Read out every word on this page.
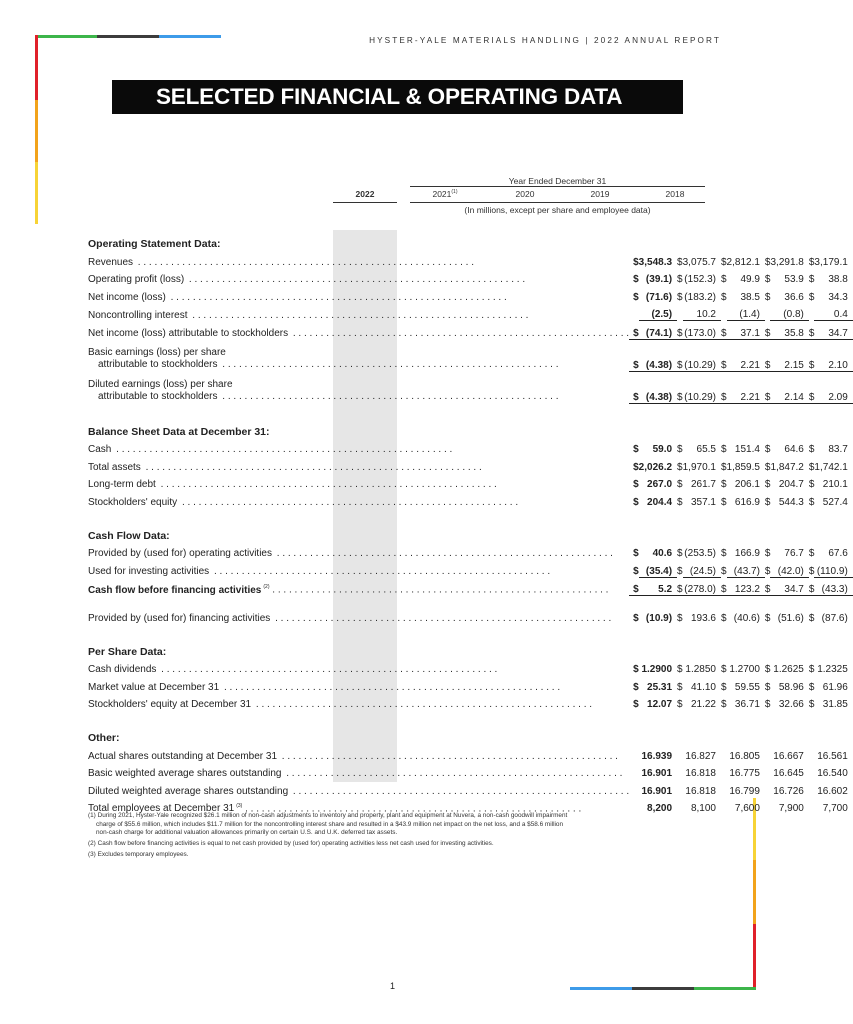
HYSTER-YALE MATERIALS HANDLING | 2022 ANNUAL REPORT
SELECTED FINANCIAL & OPERATING DATA
Year Ended December 31
2022	2021$^{(1)}$	2020	2019	2018
(In millions, except per share and employee data)
Operating Statement Data:										
Revenues . . . . . . . . . . . . . . . . . . . . . . . . . . . . . . . . . . . . . . . . . . . . . . . . . . . . . . . . . . . . .		$	3,548.3		$	3,075.7		$	2,812.1		$	3,291.8		$	3,179.1
Operating profit (loss) . . . . . . . . . . . . . . . . . . . . . . . . . . . . . . . . . . . . . . . . . . . . . . . . . . . . . . . . . . . . .		$	(39.1)		$	(152.3)		$	49.9		$	53.9		$	38.8
Net income (loss) . . . . . . . . . . . . . . . . . . . . . . . . . . . . . . . . . . . . . . . . . . . . . . . . . . . . . . . . . . . . .		$	(71.6)		$	(183.2)		$	38.5		$	36.6		$	34.3
Noncontrolling interest . . . . . . . . . . . . . . . . . . . . . . . . . . . . . . . . . . . . . . . . . . . . . . . . . . . . . . . . . . . . .			(2.5)			10.2			(1.4)			(0.8)			0.4
Net income (loss) attributable to stockholders . . . . . . . . . . . . . . . . . . . . . . . . . . . . . . . . . . . . . . . . . . . . . . . . . . . . . . . . . . . . .		$	(74.1)		$	(173.0)		$	37.1		$	35.8		$	34.7

Basic earnings (loss) per share
attributable to stockholders . . . . . . . . . . . . . . . . . . . . . . . . . . . . . . . . . . . . . . . . . . . . . . . . . . . . . . . . . . . . .		$	(4.38)		$	(10.29)		$	2.21		$	2.15		$	2.10

Diluted earnings (loss) per share
attributable to stockholders . . . . . . . . . . . . . . . . . . . . . . . . . . . . . . . . . . . . . . . . . . . . . . . . . . . . . . . . . . . . .		$	(4.38)		$	(10.29)		$	2.21		$	2.14		$	2.09

Balance Sheet Data at December 31:										
Cash . . . . . . . . . . . . . . . . . . . . . . . . . . . . . . . . . . . . . . . . . . . . . . . . . . . . . . . . . . . . .		$	59.0		$	65.5		$	151.4		$	64.6		$	83.7
Total assets . . . . . . . . . . . . . . . . . . . . . . . . . . . . . . . . . . . . . . . . . . . . . . . . . . . . . . . . . . . . .		$	2,026.2		$	1,970.1		$	1,859.5		$	1,847.2		$	1,742.1
Long-term debt . . . . . . . . . . . . . . . . . . . . . . . . . . . . . . . . . . . . . . . . . . . . . . . . . . . . . . . . . . . . .		$	267.0		$	261.7		$	206.1		$	204.7		$	210.1
Stockholders' equity . . . . . . . . . . . . . . . . . . . . . . . . . . . . . . . . . . . . . . . . . . . . . . . . . . . . . . . . . . . . .		$	204.4		$	357.1		$	616.9		$	544.3		$	527.4

Cash Flow Data:										
Provided by (used for) operating activities . . . . . . . . . . . . . . . . . . . . . . . . . . . . . . . . . . . . . . . . . . . . . . . . . . . . . . . . . . . . .		$	40.6		$	(253.5)		$	166.9		$	76.7		$	67.6
Used for investing activities . . . . . . . . . . . . . . . . . . . . . . . . . . . . . . . . . . . . . . . . . . . . . . . . . . . . . . . . . . . . .		$	(35.4)		$	(24.5)		$	(43.7)		$	(42.0)		$	(110.9)
Cash flow before financing activities $^{(2)}$ . . . . . . . . . . . . . . . . . . . . . . . . . . . . . . . . . . . . . . . . . . . . . . . . . . . . . . . . . . . . .		$	5.2		$	(278.0)		$	123.2		$	34.7		$	(43.3)

Provided by (used for) financing activities . . . . . . . . . . . . . . . . . . . . . . . . . . . . . . . . . . . . . . . . . . . . . . . . . . . . . . . . . . . . .		$	(10.9)		$	193.6		$	(40.6)		$	(51.6)		$	(87.6)

Per Share Data:										
Cash dividends . . . . . . . . . . . . . . . . . . . . . . . . . . . . . . . . . . . . . . . . . . . . . . . . . . . . . . . . . . . . .		$	1.2900		$	1.2850		$	1.2700		$	1.2625		$	1.2325
Market value at December 31 . . . . . . . . . . . . . . . . . . . . . . . . . . . . . . . . . . . . . . . . . . . . . . . . . . . . . . . . . . . . .		$	25.31		$	41.10		$	59.55		$	58.96		$	61.96
Stockholders' equity at December 31 . . . . . . . . . . . . . . . . . . . . . . . . . . . . . . . . . . . . . . . . . . . . . . . . . . . . . . . . . . . . .		$	12.07		$	21.22		$	36.71		$	32.66		$	31.85

Other:										
Actual shares outstanding at December 31 . . . . . . . . . . . . . . . . . . . . . . . . . . . . . . . . . . . . . . . . . . . . . . . . . . . . . . . . . . . . .			16.939			16.827			16.805			16.667			16.561
Basic weighted average shares outstanding . . . . . . . . . . . . . . . . . . . . . . . . . . . . . . . . . . . . . . . . . . . . . . . . . . . . . . . . . . . . .			16.901			16.818			16.775			16.645			16.540
Diluted weighted average shares outstanding . . . . . . . . . . . . . . . . . . . . . . . . . . . . . . . . . . . . . . . . . . . . . . . . . . . . . . . . . . . . .			16.901			16.818			16.799			16.726			16.602
Total employees at December 31 $^{(3)}$ . . . . . . . . . . . . . . . . . . . . . . . . . . . . . . . . . . . . . . . . . . . . . . . . . . . . . . . . . . . . .			8,200			8,100			7,600			7,900			7,700

(1) During 2021, Hyster-Yale recognized $26.1 million of non-cash adjustments to inventory and property, plant and equipment at Nuvera, a non-cash goodwill impairment
charge of $55.6 million, which includes $11.7 million for the noncontrolling interest share and resulted in a $43.9 million net impact on the net loss, and a $58.6 million
non-cash charge for additional valuation allowances primarily on certain U.S. and U.K. deferred tax assets.

(2) Cash flow before financing activities is equal to net cash provided by (used for) operating activities less net cash used for investing activities.

(3) Excludes temporary employees.

1
